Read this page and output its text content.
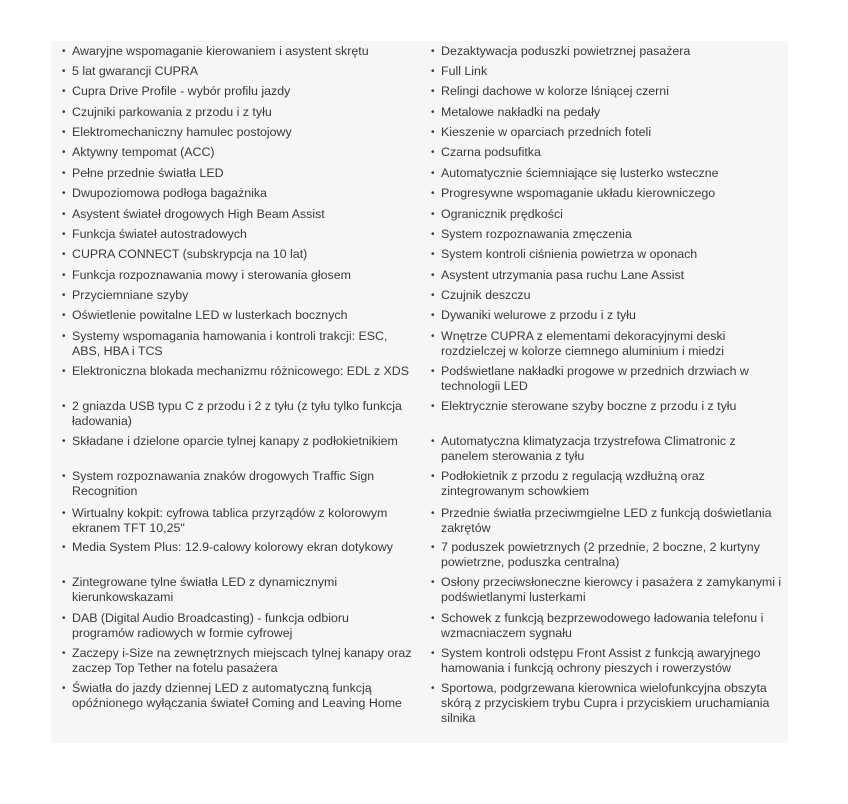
• Awaryjne wspomaganie kierowaniem i asystent skrętu
• 5 lat gwarancji CUPRA
• Cupra Drive Profile - wybór profilu jazdy
• Czujniki parkowania z przodu i z tyłu
• Elektromechaniczny hamulec postojowy
• Aktywny tempomat (ACC)
• Pełne przednie światła LED
• Dwupoziomowa podłoga bagażnika
• Asystent świateł drogowych High Beam Assist
• Funkcja świateł autostradowych
• CUPRA CONNECT (subskrypcja na 10 lat)
• Funkcja rozpoznawania mowy i sterowania głosem
• Przyciemniane szyby
• Oświetlenie powitalne LED w lusterkach bocznych
• Systemy wspomagania hamowania i kontroli trakcji: ESC, ABS, HBA i TCS
• Elektroniczna blokada mechanizmu różnicowego: EDL z XDS
• 2 gniazda USB typu C z przodu i 2 z tyłu (z tyłu tylko funkcja ładowania)
• Składane i dzielone oparcie tylnej kanapy z podłokietnikiem
• System rozpoznawania znaków drogowych Traffic Sign Recognition
• Wirtualny kokpit: cyfrowa tablica przyrządów z kolorowym ekranem TFT 10,25"
• Media System Plus: 12.9-calowy kolorowy ekran dotykowy
• Zintegrowane tylne światła LED z dynamicznymi kierunkowskazami
• DAB (Digital Audio Broadcasting) - funkcja odbioru programów radiowych w formie cyfrowej
• Zaczepy i-Size na zewnętrznych miejscach tylnej kanapy oraz zaczep Top Tether na fotelu pasażera
• Światła do jazdy dziennej LED z automatyczną funkcją opóźnionego wyłączania świateł Coming and Leaving Home
• Dezaktywacja poduszki powietrznej pasażera
• Full Link
• Relingi dachowe w kolorze lśniącej czerni
• Metalowe nakładki na pedały
• Kieszenie w oparciach przednich foteli
• Czarna podsufitka
• Automatycznie ściemniające się lusterko wsteczne
• Progresywne wspomaganie układu kierowniczego
• Ogranicznik prędkości
• System rozpoznawania zmęczenia
• System kontroli ciśnienia powietrza w oponach
• Asystent utrzymania pasa ruchu Lane Assist
• Czujnik deszczu
• Dywaniki welurowe z przodu i z tyłu
• Wnętrze CUPRA z elementami dekoracyjnymi deski rozdzielczej w kolorze ciemnego aluminium i miedzi
• Podświetlane nakładki progowe w przednich drzwiach w technologii LED
• Elektrycznie sterowane szyby boczne z przodu i z tyłu
• Automatyczna klimatyzacja trzystrefowa Climatronic z panelem sterowania z tyłu
• Podłokietnik z przodu z regulacją wzdłużną oraz zintegrowanym schowkiem
• Przednie światła przeciwmgielne LED z funkcją doświetlania zakrętów
• 7 poduszek powietrznych (2 przednie, 2 boczne, 2 kurtyny powietrzne, poduszka centralna)
• Osłony przeciwsłoneczne kierowcy i pasażera z zamykanymi i podświetlanymi lusterkami
• Schowek z funkcją bezprzewodowego ładowania telefonu i wzmacniaczem sygnału
• System kontroli odstępu Front Assist z funkcją awaryjnego hamowania i funkcją ochrony pieszych i rowerzystów
• Sportowa, podgrzewana kierownica wielofunkcyjna obszyta skórą z przyciskiem trybu Cupra i przyciskiem uruchamiania silnika
